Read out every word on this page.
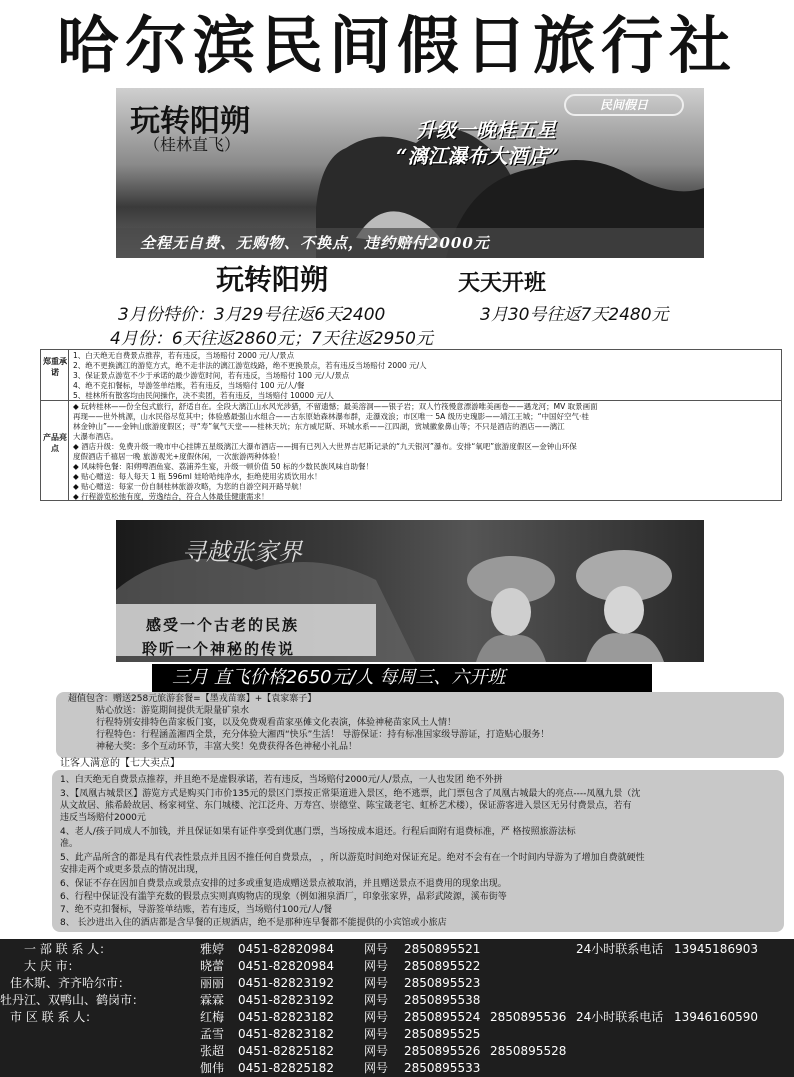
哈尔滨民间假日旅行社
玩转阳朔
（桂林直飞）
民间假日
升级一晚桂五星
“漓江瀑布大酒店”
全程无自费、无购物、不换点，违约赔付2000元
玩转阳朔	天天开班
3月份特价：3月29号往返6天2400	3月30号往返7天2480元
4月份：6天往返2860元；7天往返2950元
郑重承诺
产品亮点
1、白天绝无自费景点推荐，若有违反，当场赔付 2000 元/人/景点
2、绝不更换漓江的游览方式，绝不走非法的漓江游览线路，绝不更换景点，若有违反当场赔付 2000 元/人
3、保证景点游览不少于承诺的最少游览时间，若有违反，当场赔付 100 元/人/景点
4、绝不克扣餐标，导游签单结账，若有违反，当场赔付 100 元/人/餐
5、桂林所有散客均由民间操作，决不卖团，若有违反，当场赔付 10000 元/人
◆ 玩转桂林——份全包式旅行，舒适自在。全段大漓江山水风光涉猎，不留遗憾；最美溶洞——银子岩；双人竹筏慢意漂游唯美画卷——遇龙河；MV 取景画面
再现——世外桃源，山水民俗尽览其中；体验感最强山水组合——古东原始森林瀑布群，走瀑戏浪；市区唯一 5A 级历史瑰影——靖江王城；“中国好空气·桂
林金钟山”——金钟山旅游度假区；寻“寿”氧气天堂——桂林天坑；东方威尼斯、环城水系——江四湖，赏城徽象鼻山等；不只是酒店的酒店——漓江
大瀑布酒店。
◆ 酒店升级：免费升级一晚市中心挂牌五星级漓江大瀑布酒店——拥有已列入大世界吉尼斯记录的“九天银河”瀑布。安排“氧吧”旅游度假区—金钟山环保
度假酒店千禧居一晚 旅游观光+度假休闲，一次旅游两种体验！
◆ 风味特色餐：阳朔啤酒鱼宴、荔浦养生宴，升级一顿价值 50 标的少数民族风味自助餐！
◆ 贴心赠送：每人每天 1 瓶 596ml 娃哈哈纯净水，拒绝使用劣质饮用水！
◆ 贴心赠送：每家一份自制桂林旅游攻略，为您的自游空间开路导航！
◆ 行程游览松弛有度，劳逸结合，符合人体最佳健康需求！
寻越张家界
感受一个古老的民族
聆听一个神秘的传说
三月 直飞价格2650元/人 每周三、六开班
超值包含：赠送258元旅游套餐=【墨戎苗寨】+【袁家寨子】
贴心放送：游览期间提供无限量矿泉水
行程特别安排特色苗家板门宴，以及免费观看苗家巫傩文化表演，体验神秘苗家风土人情！
行程特色：行程涵盖湘西全景，充分体验大湘西“快乐”生活！ 导游保证：持有标准国家级导游证，打造贴心服务！
神秘大奖：多个互动环节，丰富大奖！免费获得各色神秘小礼品！
让客人满意的【七大卖点】
1、白天绝无自费景点推荐，并且绝不是虚假承诺，若有违反，当场赔付2000元/人/景点，一人也发团 绝不外拼
3、【凤凰古城景区】游览方式是购买门市价135元的景区门票按正常渠道进入景区，绝不逃票，此门票包含了凤凰古城最大的亮点----凤凰九景（沈
从文故居、熊希龄故居、杨家祠堂、东门城楼、沱江泛舟、万寿宫、崇德堂、陈宝箴老宅、虹桥艺术楼），保证游客进入景区无另付费景点，若有
违反当场赔付2000元
4、老人/孩子同成人不加钱，并且保证如果有证件享受到优惠门票，当场按成本退还。行程后面附有退费标准，严 格按照旅游法标
准。
5、此产品所含的都是具有代表性景点并且因不推任何自费景点， ，所以游览时间绝对保证充足。绝对不会有在一个时间内导游为了增加自费就硬性
安排走两个或更多景点的情况出现，
6、保证不存在因加自费景点或景点安排的过多或重复造成赠送景点被取消，并且赠送景点不退费用的现象出现。
6、行程中保证没有滥竽充数的假景点实则真购物店的现象（例如湘泉酒厂，印象张家界，晶彩武陵源，溪布街等
7、绝不克扣餐标，导游签单结账，若有违反，当场赔付100元/人/餐
8、 长沙进出入住的酒店都是含早餐的正规酒店，绝不是那种连早餐都不能提供的小宾馆或小旅店
一 部 联 系 人：
大 庆 市：
佳木斯、齐齐哈尔市：
牡丹江、双鸭山、鹤岗市：
市 区 联 系 人：
雅婷
晓蕾
丽丽
霖霖
红梅
孟雪
张超
伽伟
0451-82820984
0451-82820984
0451-82823192
0451-82823192
0451-82823182
0451-82823182
0451-82825182
0451-82825182
网号
网号
网号
网号
网号
网号
网号
网号
2850895521
2850895522
2850895523
2850895538
2850895524
2850895525
2850895526
2850895533
2850895536
2850895528
24小时联系电话 13945186903
24小时联系电话 13946160590
